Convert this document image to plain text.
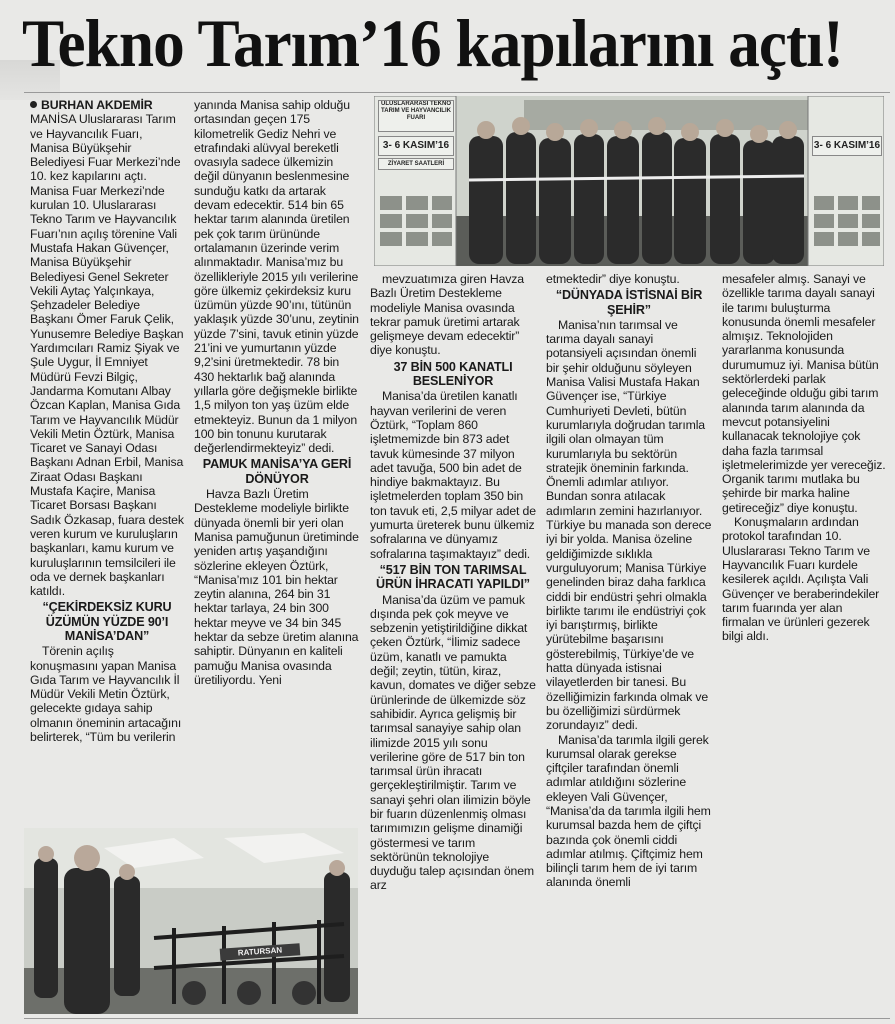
Tekno Tarım’16 kapılarını açtı!
ULUSLARARASI TEKNO TARIM VE HAYVANCILIK FUARI
3- 6 KASIM’16
ZİYARET SAATLERİ
3- 6 KASIM’16
RATURSAN
BURHAN AKDEMİR

MANİSA Uluslararası Tarım ve Hayvancılık Fuarı, Manisa Büyükşehir Belediyesi Fuar Merkezi’nde 10. kez kapılarını açtı. Manisa Fuar Merkezi’nde kurulan 10. Uluslararası Tekno Tarım ve Hayvancılık Fuarı’nın açılış törenine Vali Mustafa Hakan Güvençer, Manisa Büyükşehir Belediyesi Genel Sekreter Vekili Aytaç Yalçınkaya, Şehzadeler Belediye Başkanı Ömer Faruk Çelik, Yunusemre Belediye Başkan Yardımcıları Ramiz Şiyak ve Şule Uygur, İl Emniyet Müdürü Fevzi Bilgiç, Jandarma Komutanı Albay Özcan Kaplan, Manisa Gıda Tarım ve Hayvancılık Müdür Vekili Metin Öztürk, Manisa Ticaret ve Sanayi Odası Başkanı Adnan Erbil, Manisa Ziraat Odası Başkanı Mustafa Kaçire, Manisa Ticaret Borsası Başkanı Sadık Özkasap, fuara destek veren kurum ve kuruluşların başkanları, kamu kurum ve kuruluşlarının temsilcileri ile oda ve dernek başkanları katıldı.

“ÇEKİRDEKSİZ KURU ÜZÜMÜN YÜZDE 90’I MANİSA’DAN”

Törenin açılış konuşmasını yapan Manisa Gıda Tarım ve Hayvancılık İl Müdür Vekili Metin Öztürk, gelecekte gıdaya sahip olmanın öneminin artacağını belirterek, “Tüm bu verilerin

yanında Manisa sahip olduğu ortasından geçen 175 kilometrelik Gediz Nehri ve etrafındaki alüvyal bereketli ovasıyla sadece ülkemizin değil dünyanın beslenmesine sunduğu katkı da artarak devam edecektir. 514 bin 65 hektar tarım alanında üretilen pek çok tarım ürününde ortalamanın üzerinde verim alınmaktadır. Manisa’mız bu özellikleriyle 2015 yılı verilerine göre ülkemiz çekirdeksiz kuru üzümün yüzde 90’ını, tütünün yaklaşık yüzde 30’unu, zeytinin yüzde 7’sini, tavuk etinin yüzde 21’ini ve yumurtanın yüzde 9,2’sini üretmektedir. 78 bin 430 hektarlık bağ alanında yıllarla göre değişmekle birlikte 1,5 milyon ton yaş üzüm elde etmekteyiz. Bunun da 1 milyon 100 bin tonunu kurutarak değerlendirmekteyiz” dedi.

PAMUK MANİSA’YA GERİ DÖNÜYOR

Havza Bazlı Üretim Destekleme modeliyle birlikte dünyada önemli bir yeri olan Manisa pamuğunun üretiminde yeniden artış yaşandığını sözlerine ekleyen Öztürk, “Manisa’mız 101 bin hektar zeytin alanına, 264 bin 31 hektar tarlaya, 24 bin 300 hektar meyve ve 34 bin 345 hektar da sebze üretim alanına sahiptir. Dünyanın en kaliteli pamuğu Manisa ovasında üretiliyordu. Yeni

mevzuatımıza giren Havza Bazlı Üretim Destekleme modeliyle Manisa ovasında tekrar pamuk üretimi artarak gelişmeye devam edecektir” diye konuştu.

37 BİN 500 KANATLI BESLENİYOR

Manisa’da üretilen kanatlı hayvan verilerini de veren Öztürk, “Toplam 860 işletmemizde bin 873 adet tavuk kümesinde 37 milyon adet tavuğa, 500 bin adet de hindiye bakmaktayız. Bu işletmelerden toplam 350 bin ton tavuk eti, 2,5 milyar adet de yumurta üreterek bunu ülkemiz sofralarına ve dünyamız sofralarına taşımaktayız” dedi.

“517 BİN TON TARIMSAL ÜRÜN İHRACATI YAPILDI”

Manisa’da üzüm ve pamuk dışında pek çok meyve ve sebzenin yetiştirildiğine dikkat çeken Öztürk, “İlimiz sadece üzüm, kanatlı ve pamukta değil; zeytin, tütün, kiraz, kavun, domates ve diğer sebze ürünlerinde de ülkemizde söz sahibidir. Ayrıca gelişmiş bir tarımsal sanayiye sahip olan ilimizde 2015 yılı sonu verilerine göre de 517 bin ton tarımsal ürün ihracatı gerçekleştirilmiştir. Tarım ve sanayi şehri olan ilimizin böyle bir fuarın düzenlenmiş olması tarımımızın gelişme dinamiği göstermesi ve tarım sektörünün teknolojiye duyduğu talep açısından önem arz

etmektedir” diye konuştu.

“DÜNYADA İSTİSNAİ BİR ŞEHİR”

Manisa’nın tarımsal ve tarıma dayalı sanayi potansiyeli açısından önemli bir şehir olduğunu söyleyen Manisa Valisi Mustafa Hakan Güvençer ise, “Türkiye Cumhuriyeti Devleti, bütün kurumlarıyla doğrudan tarımla ilgili olan olmayan tüm kurumlarıyla bu sektörün stratejik öneminin farkında. Önemli adımlar atılıyor. Bundan sonra atılacak adımların zemini hazırlanıyor. Türkiye bu manada son derece iyi bir yolda. Manisa özeline geldiğimizde sıklıkla vurguluyorum; Manisa Türkiye genelinden biraz daha farklıca ciddi bir endüstri şehri olmakla birlikte tarımı ile endüstriyi çok iyi barıştırmış, birlikte yürütebilme başarısını gösterebilmiş, Türkiye’de ve hatta dünyada istisnai vilayetlerden bir tanesi. Bu özelliğimizin farkında olmak ve bu özelliğimizi sürdürmek zorundayız” dedi.

Manisa’da tarımla ilgili gerek kurumsal olarak gerekse çiftçiler tarafından önemli adımlar atıldığını sözlerine ekleyen Vali Güvençer, “Manisa’da da tarımla ilgili hem kurumsal bazda hem de çiftçi bazında çok önemli ciddi adımlar atılmış. Çiftçimiz hem bilinçli tarım hem de iyi tarım alanında önemli

mesafeler almış. Sanayi ve özellikle tarıma dayalı sanayi ile tarımı buluşturma konusunda önemli mesafeler almışız. Teknolojiden yararlanma konusunda durumumuz iyi. Manisa bütün sektörlerdeki parlak geleceğinde olduğu gibi tarım alanında tarım alanında da mevcut potansiyelini kullanacak teknolojiye çok daha fazla tarımsal işletmelerimizde yer vereceğiz. Organik tarımı mutlaka bu şehirde bir marka haline getireceğiz” diye konuştu.

Konuşmaların ardından protokol tarafından 10. Uluslararası Tekno Tarım ve Hayvancılık Fuarı kurdele kesilerek açıldı. Açılışta Vali Güvençer ve beraberindekiler tarım fuarında yer alan firmalan ve ürünleri gezerek bilgi aldı.
